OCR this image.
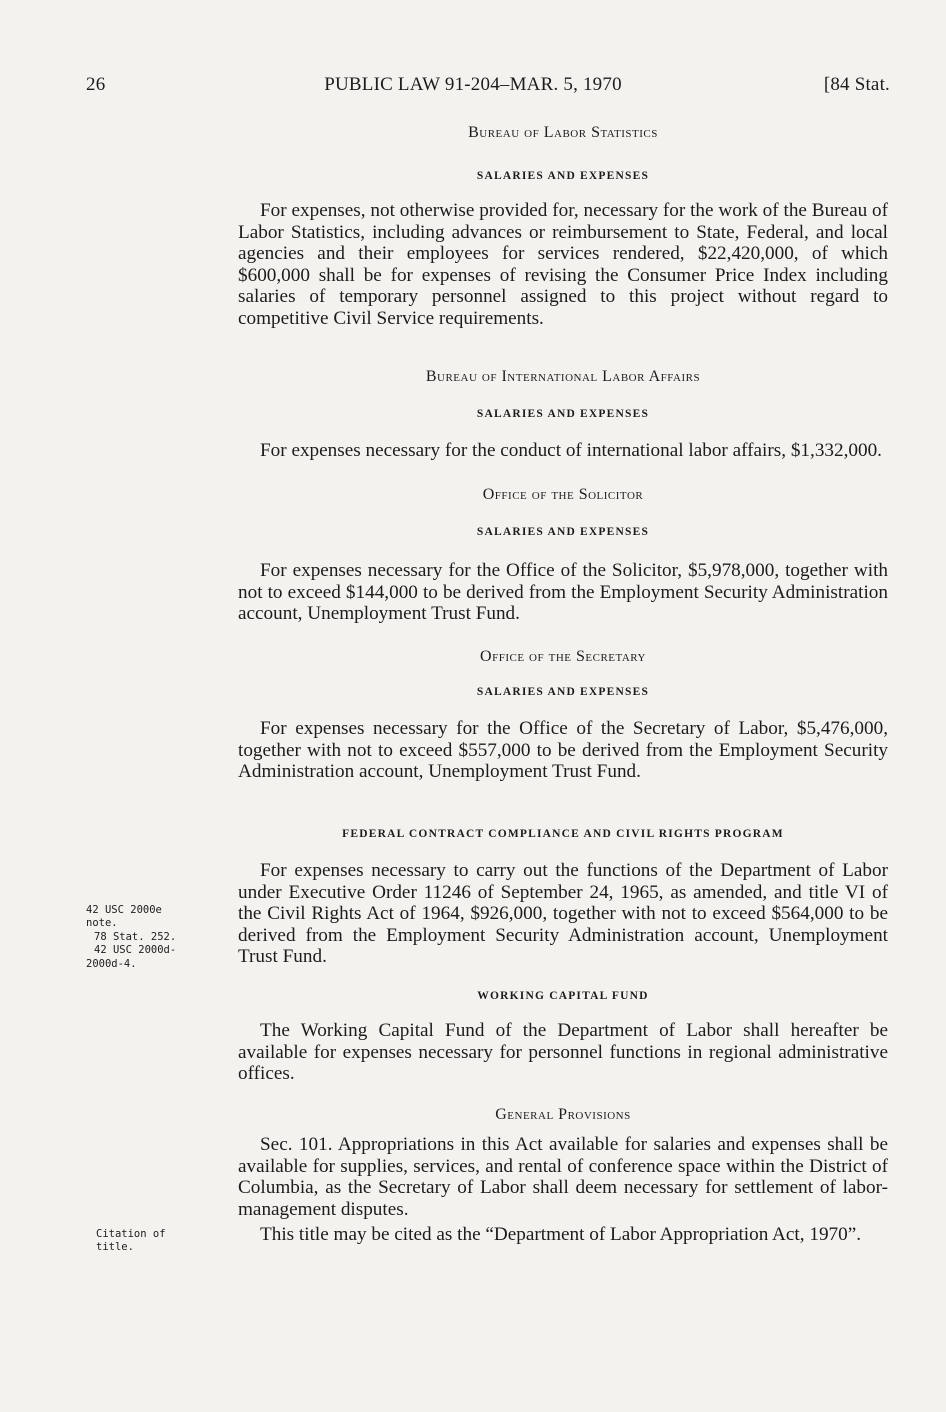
26	PUBLIC LAW 91-204–MAR. 5, 1970	[84 Stat.
Bureau of Labor Statistics
SALARIES AND EXPENSES

For expenses, not otherwise provided for, necessary for the work of the Bureau of Labor Statistics, including advances or reimbursement to State, Federal, and local agencies and their employees for services rendered, $22,420,000, of which $600,000 shall be for expenses of revising the Consumer Price Index including salaries of temporary personnel assigned to this project without regard to competitive Civil Service requirements.

Bureau of International Labor Affairs
SALARIES AND EXPENSES

For expenses necessary for the conduct of international labor affairs, $1,332,000.

Office of the Solicitor
SALARIES AND EXPENSES

For expenses necessary for the Office of the Solicitor, $5,978,000, together with not to exceed $144,000 to be derived from the Employment Security Administration account, Unemployment Trust Fund.

Office of the Secretary
SALARIES AND EXPENSES

For expenses necessary for the Office of the Secretary of Labor, $5,476,000, together with not to exceed $557,000 to be derived from the Employment Security Administration account, Unemployment Trust Fund.

FEDERAL CONTRACT COMPLIANCE AND CIVIL RIGHTS PROGRAM

For expenses necessary to carry out the functions of the Department of Labor under Executive Order 11246 of September 24, 1965, as amended, and title VI of the Civil Rights Act of 1964, $926,000, together with not to exceed $564,000 to be derived from the Employment Security Administration account, Unemployment Trust Fund.

42 USC 2000e
note.
78 Stat. 252.
42 USC 2000d-
2000d-4.
WORKING CAPITAL FUND

The Working Capital Fund of the Department of Labor shall hereafter be available for expenses necessary for personnel functions in regional administrative offices.

General Provisions

Sec. 101. Appropriations in this Act available for salaries and expenses shall be available for supplies, services, and rental of conference space within the District of Columbia, as the Secretary of Labor shall deem necessary for settlement of labor-management disputes.

This title may be cited as the “Department of Labor Appropriation Act, 1970”.

Citation of
title.
